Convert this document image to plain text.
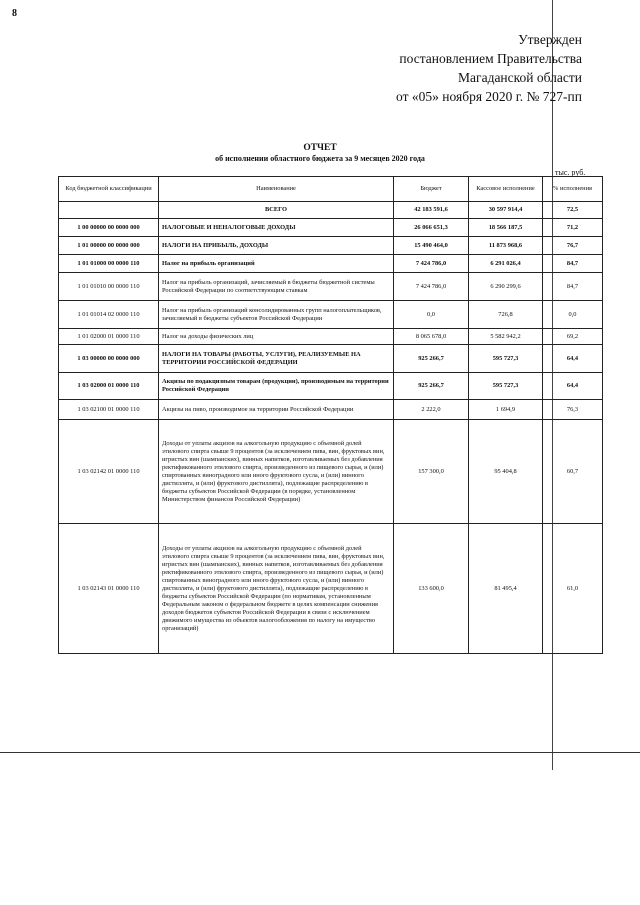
8
Утвержден
постановлением Правительства
Магаданской области
от «05» ноября 2020 г. № 727-пп
ОТЧЕТ
об исполнении областного бюджета за 9 месяцев 2020 года
тыс. руб.
Код бюджетной классификации	Наименование	Бюджет	Кассовое исполнение	% исполнения
	ВСЕГО	42 183 591,6	30 597 914,4	72,5
1 00 00000 00 0000 000	НАЛОГОВЫЕ И НЕНАЛОГОВЫЕ ДОХОДЫ	26 066 651,3	18 566 187,5	71,2
1 01 00000 00 0000 000	НАЛОГИ НА ПРИБЫЛЬ, ДОХОДЫ	15 490 464,0	11 873 968,6	76,7
1 01 01000 00 0000 110	Налог на прибыль организаций	7 424 786,0	6 291 026,4	84,7
1 01 01010 00 0000 110	Налог на прибыль организаций, зачисляемый в бюджеты бюджетной системы Российской Федерации по соответствующим ставкам	7 424 786,0	6 290 299,6	84,7
1 01 01014 02 0000 110	Налог на прибыль организаций консолидированных групп налогоплательщиков, зачисляемый в бюджеты субъектов Российской Федерации	0,0	726,8	0,0
1 01 02000 01 0000 110	Налог на доходы физических лиц	8 065 678,0	5 582 942,2	69,2
1 03 00000 00 0000 000	НАЛОГИ НА ТОВАРЫ (РАБОТЫ, УСЛУГИ), РЕАЛИЗУЕМЫЕ НА ТЕРРИТОРИИ РОССИЙСКОЙ ФЕДЕРАЦИИ	925 266,7	595 727,3	64,4
1 03 02000 01 0000 110	Акцизы по подакцизным товарам (продукции), производимым на территории Российской Федерации	925 266,7	595 727,3	64,4
1 03 02100 01 0000 110	Акцизы на пиво, производимое на территории Российской Федерации	2 222,0	1 694,9	76,3
1 03 02142 01 0000 110	Доходы от уплаты акцизов на алкогольную продукцию с объемной долей этилового спирта свыше 9 процентов (за исключением пива, вин, фруктовых вин, игристых вин (шампанских), винных напитков, изготавливаемых без добавления ректификованного этилового спирта, произведенного из пищевого сырья, и (или) спиртованных виноградного или иного фруктового сусла, и (или) винного дистиллята, и (или) фруктового дистиллята), подлежащие распределению в бюджеты субъектов Российской Федерации (в порядке, установленном Министерством финансов Российской Федерации)	157 300,0	95 404,8	60,7
1 03 02143 01 0000 110	Доходы от уплаты акцизов на алкогольную продукцию с объемной долей этилового спирта свыше 9 процентов (за исключением пива, вин, фруктовых вин, игристых вин (шампанских), винных напитков, изготавливаемых без добавления ректификованного этилового спирта, произведенного из пищевого сырья, и (или) спиртованных виноградного или иного фруктового сусла, и (или) винного дистиллята, и (или) фруктового дистиллята), подлежащие распределению в бюджеты субъектов Российской Федерации (по нормативам, установленным Федеральным законом о федеральном бюджете в целях компенсации снижения доходов бюджетов субъектов Российской Федерации в связи с исключением движимого имущества из объектов налогообложения по налогу на имущество организаций)	133 600,0	81 495,4	61,0
